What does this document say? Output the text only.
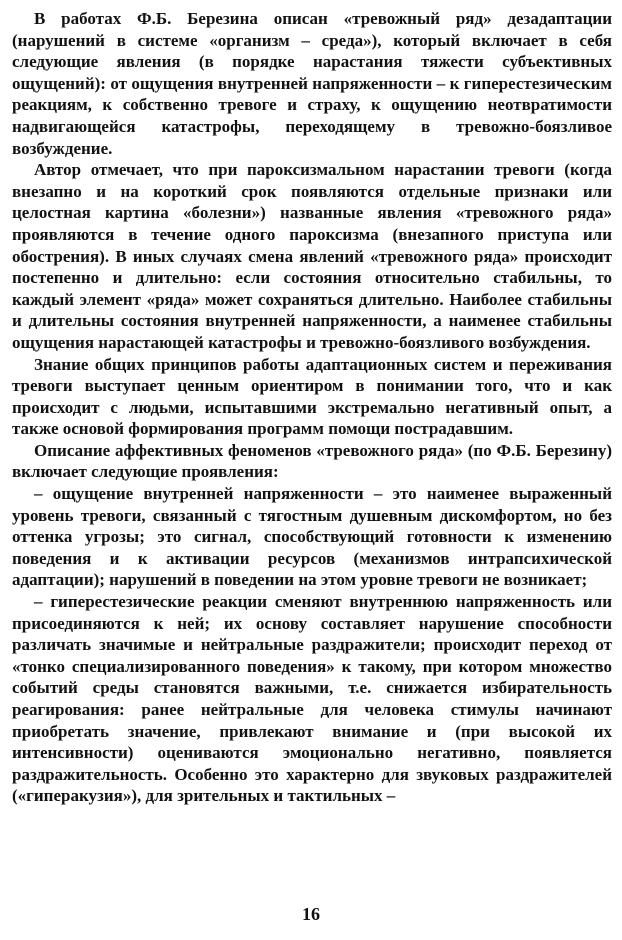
В работах Ф.Б. Березина описан «тревожный ряд» дезадаптации (нарушений в системе «организм – среда»), который включает в себя следующие явления (в порядке нарастания тяжести субъективных ощущений): от ощущения внутренней напряженности – к гиперестезическим реакциям, к собственно тревоге и страху, к ощущению неотвратимости надвигающейся катастрофы, переходящему в тревожно-боязливое возбуждение.

Автор отмечает, что при пароксизмальном нарастании тревоги (когда внезапно и на короткий срок появляются отдельные признаки или целостная картина «болезни») названные явления «тревожного ряда» проявляются в течение одного пароксизма (внезапного приступа или обострения). В иных случаях смена явлений «тревожного ряда» происходит постепенно и длительно: если состояния относительно стабильны, то каждый элемент «ряда» может сохраняться длительно. Наиболее стабильны и длительны состояния внутренней напряженности, а наименее стабильны ощущения нарастающей катастрофы и тревожно-боязливого возбуждения.

Знание общих принципов работы адаптационных систем и переживания тревоги выступает ценным ориентиром в понимании того, что и как происходит с людьми, испытавшими экстремально негативный опыт, а также основой формирования программ помощи пострадавшим.

Описание аффективных феноменов «тревожного ряда» (по Ф.Б. Березину) включает следующие проявления:

– ощущение внутренней напряженности – это наименее выраженный уровень тревоги, связанный с тягостным душевным дискомфортом, но без оттенка угрозы; это сигнал, способствующий готовности к изменению поведения и к активации ресурсов (механизмов интрапсихической адаптации); нарушений в поведении на этом уровне тревоги не возникает;

– гиперестезические реакции сменяют внутреннюю напряженность или присоединяются к ней; их основу составляет нарушение способности различать значимые и нейтральные раздражители; происходит переход от «тонко специализированного поведения» к такому, при котором множество событий среды становятся важными, т.е. снижается избирательность реагирования: ранее нейтральные для человека стимулы начинают приобретать значение, привлекают внимание и (при высокой их интенсивности) оцениваются эмоционально негативно, появляется раздражительность. Особенно это характерно для звуковых раздражителей («гиперакузия»), для зрительных и тактильных –

16
